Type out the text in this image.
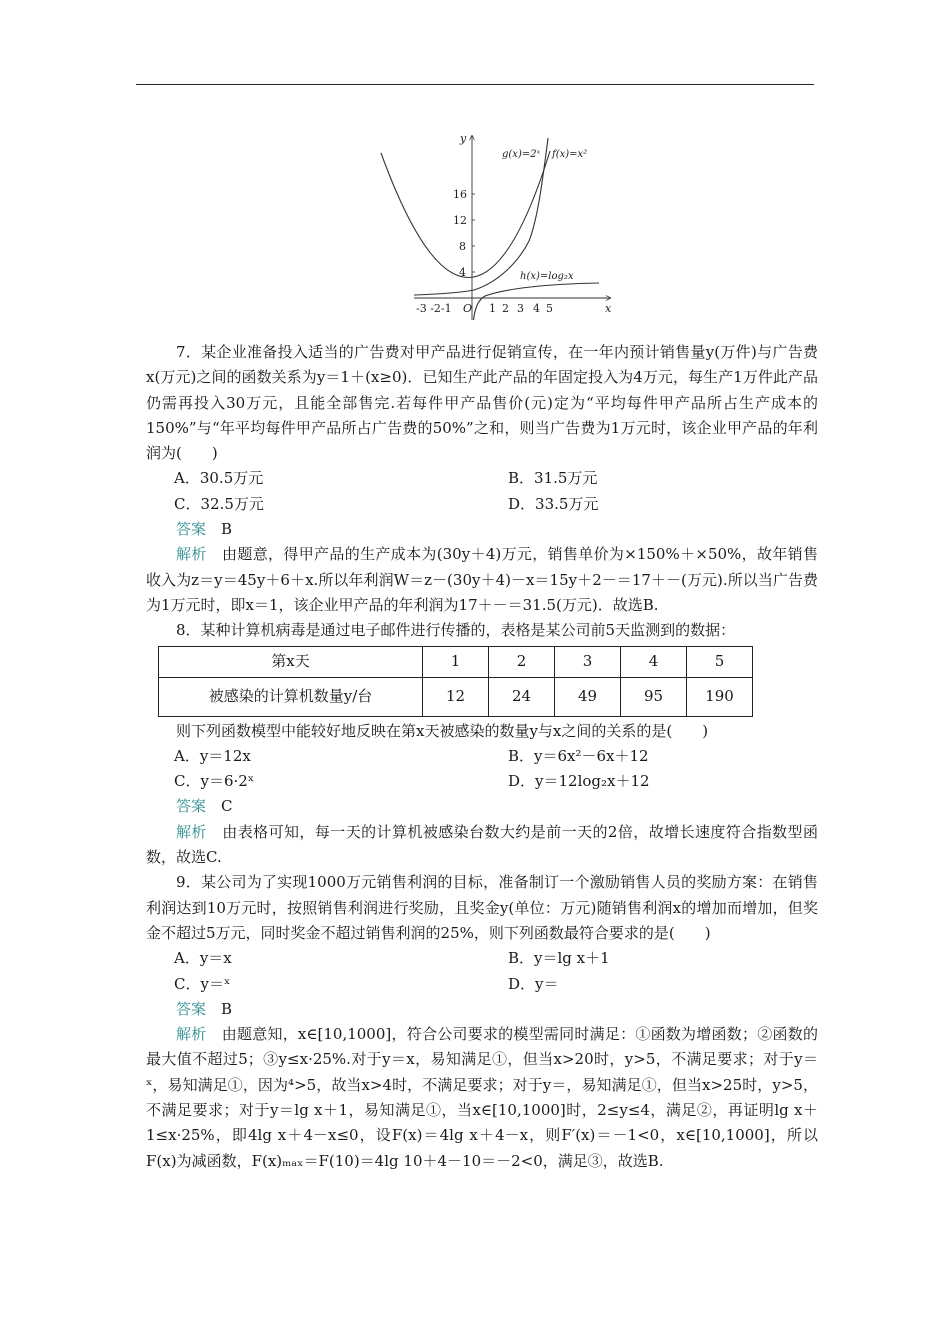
y
x
O
4
8
12
16
-3 -2-1	1 2 3 4 5
g(x)=2ˣ f(x)=x²
h(x)=log₂x

7．某企业准备投入适当的广告费对甲产品进行促销宣传，在一年内预计销售量y(万件)与广告费x(万元)之间的函数关系为y＝1＋(x≥0)．已知生产此产品的年固定投入为4万元，每生产1万件此产品仍需再投入30万元，且能全部售完.若每件甲产品售价(元)定为“平均每件甲产品所占生产成本的150%”与“年平均每件甲产品所占广告费的50%”之和，则当广告费为1万元时，该企业甲产品的年利润为(　　)

A．30.5万元	B．31.5万元
C．32.5万元	D．33.5万元

答案　 B

解析　 由题意，得甲产品的生产成本为(30y＋4)万元，销售单价为×150%＋×50%，故年销售收入为z＝y＝45y＋6＋x.所以年利润W＝z－(30y＋4)－x＝15y＋2－＝17＋－(万元).所以当广告费为1万元时，即x＝1，该企业甲产品的年利润为17＋－＝31.5(万元)．故选B.

8．某种计算机病毒是通过电子邮件进行传播的，表格是某公司前5天监测到的数据：

第x天	1	2	3	4	5
被感染的计算机数量y/台	12	24	49	95	190

则下列函数模型中能较好地反映在第x天被感染的数量y与x之间的关系的是(　　)

A．y＝12x	B．y＝6x²－6x＋12
C．y＝6·2ˣ	D．y＝12log₂x＋12

答案　 C

解析　 由表格可知，每一天的计算机被感染台数大约是前一天的2倍，故增长速度符合指数型函数，故选C.

9．某公司为了实现1000万元销售利润的目标，准备制订一个激励销售人员的奖励方案：在销售利润达到10万元时，按照销售利润进行奖励，且奖金y(单位：万元)随销售利润x的增加而增加，但奖金不超过5万元，同时奖金不超过销售利润的25%，则下列函数最符合要求的是(　　)

A．y＝x	B．y＝lg x＋1
C．y＝ˣ	D．y＝

答案　 B

解析　 由题意知，x∈[10,1000]，符合公司要求的模型需同时满足：①函数为增函数；②函数的最大值不超过5；③y≤x·25%.对于y＝x，易知满足①，但当x>20时，y>5，不满足要求；对于y＝ˣ，易知满足①，因为⁴>5，故当x>4时，不满足要求；对于y＝，易知满足①，但当x>25时，y>5，不满足要求；对于y＝lg x＋1，易知满足①，当x∈[10,1000]时，2≤y≤4，满足②，再证明lg x＋1≤x·25%，即4lg x＋4－x≤0，设F(x)＝4lg x＋4－x，则F′(x)＝－1<0，x∈[10,1000]，所以F(x)为减函数，F(x)ₘₐₓ＝F(10)＝4lg 10＋4－10＝－2<0，满足③，故选B.
